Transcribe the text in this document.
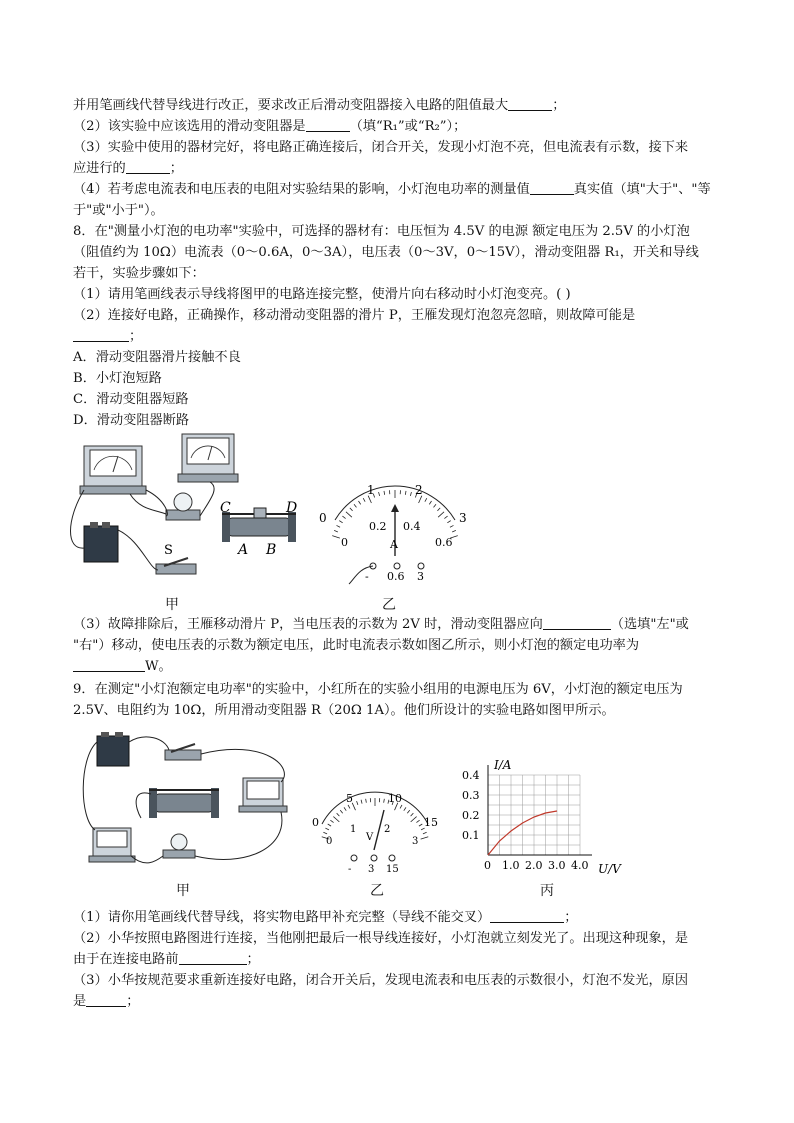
并用笔画线代替导线进行改正，要求改正后滑动变阻器接入电路的阻值最大	；
（2）该实验中应该选用的滑动变阻器是	（填“R₁”或“R₂”）；
（3）实验中使用的器材完好，将电路正确连接后，闭合开关，发现小灯泡不亮，但电流表有示数，接下来
应进行的	；
（4）若考虑电流表和电压表的电阻对实验结果的影响，小灯泡电功率的测量值	真实值（填"大于"、"等
于"或"小于"）。
8．在"测量小灯泡的电功率"实验中，可选择的器材有：电压恒为 4.5V 的电源 额定电压为 2.5V 的小灯泡
（阻值约为 10Ω）电流表（0～0.6A，0～3A），电压表（0～3V，0～15V），滑动变阻器 R₁，开关和导线
若干，实验步骤如下：
（1）请用笔画线表示导线将图甲的电路连接完整，使滑片向右移动时小灯泡变亮。( )
（2）连接好电路，正确操作，移动滑动变阻器的滑片 P，王雁发现灯泡忽亮忽暗，则故障可能是
；
A．滑动变阻器滑片接触不良
B．小灯泡短路
C．滑动变阻器短路
D．滑动变阻器断路
S
C	D
A B
0
1	2
3
0
0.2 0.4
0.6
A
- 0.6 3
甲	乙
（3）故障排除后，王雁移动滑片 P，当电压表的示数为 2V 时，滑动变阻器应向	（选填"左"或
"右"）移动，使电压表的示数为额定电压，此时电流表示数如图乙所示，则小灯泡的额定电功率为
W。
9．在测定"小灯泡额定电功率"的实验中，小红所在的实验小组用的电源电压为 6V，小灯泡的额定电压为
2.5V、电阻约为 10Ω，所用滑动变阻器 R（20Ω 1A）。他们所设计的实验电路如图甲所示。
0
5	10
15
0
1	2
3
V
- 3 15
I/A
U/V
0.4
0.3
0.2
0.1
0 1.0 2.0 3.0 4.0
甲	乙	丙
（1）请你用笔画线代替导线，将实物电路甲补充完整（导线不能交叉）	；
（2）小华按照电路图进行连接，当他刚把最后一根导线连接好，小灯泡就立刻发光了。出现这种现象，是
由于在连接电路前	；
（3）小华按规范要求重新连接好电路，闭合开关后，发现电流表和电压表的示数很小，灯泡不发光，原因
是	；
